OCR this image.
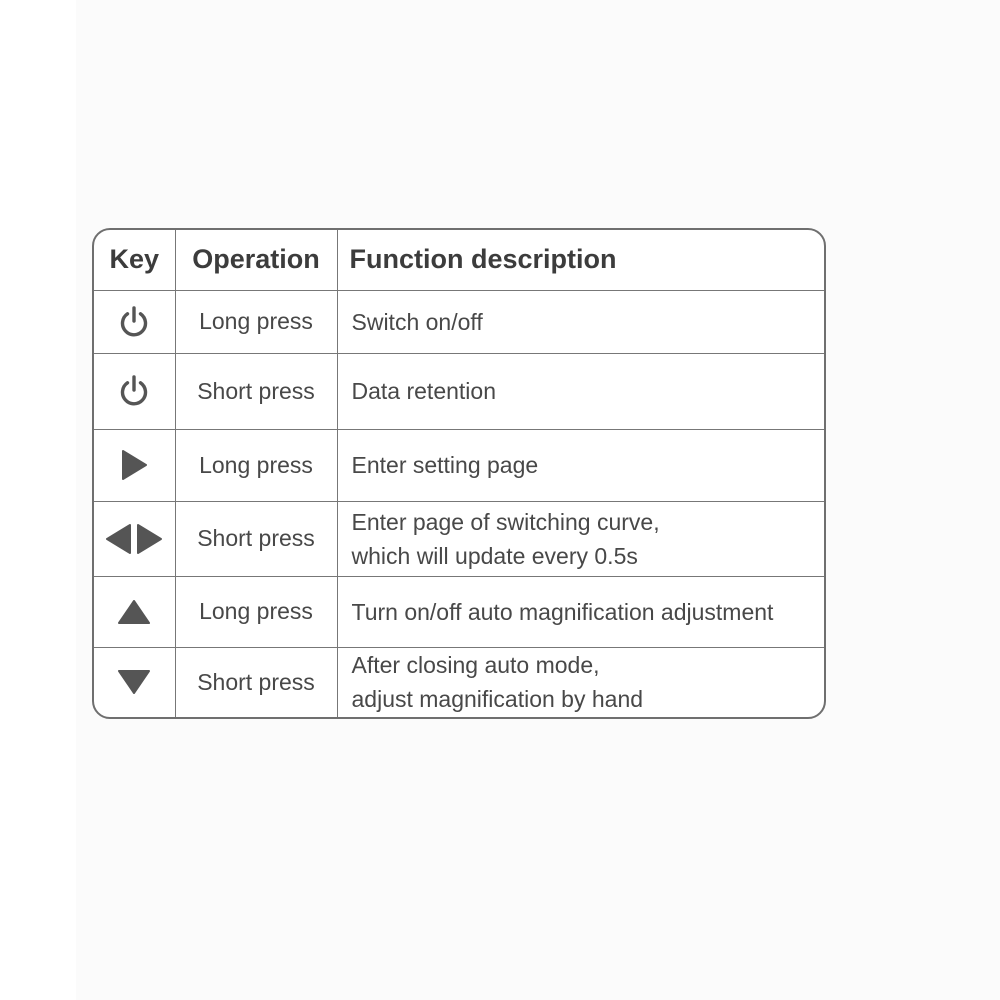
Key	Operation	Function description
	Long press	Switch on/off

	Short press	Data retention

	Long press	Enter setting page

	Short press	Enter page of switching curve,
which will update every 0.5s

	Long press	Turn on/off auto magnification adjustment

	Short press	After closing auto mode,
adjust magnification by hand
